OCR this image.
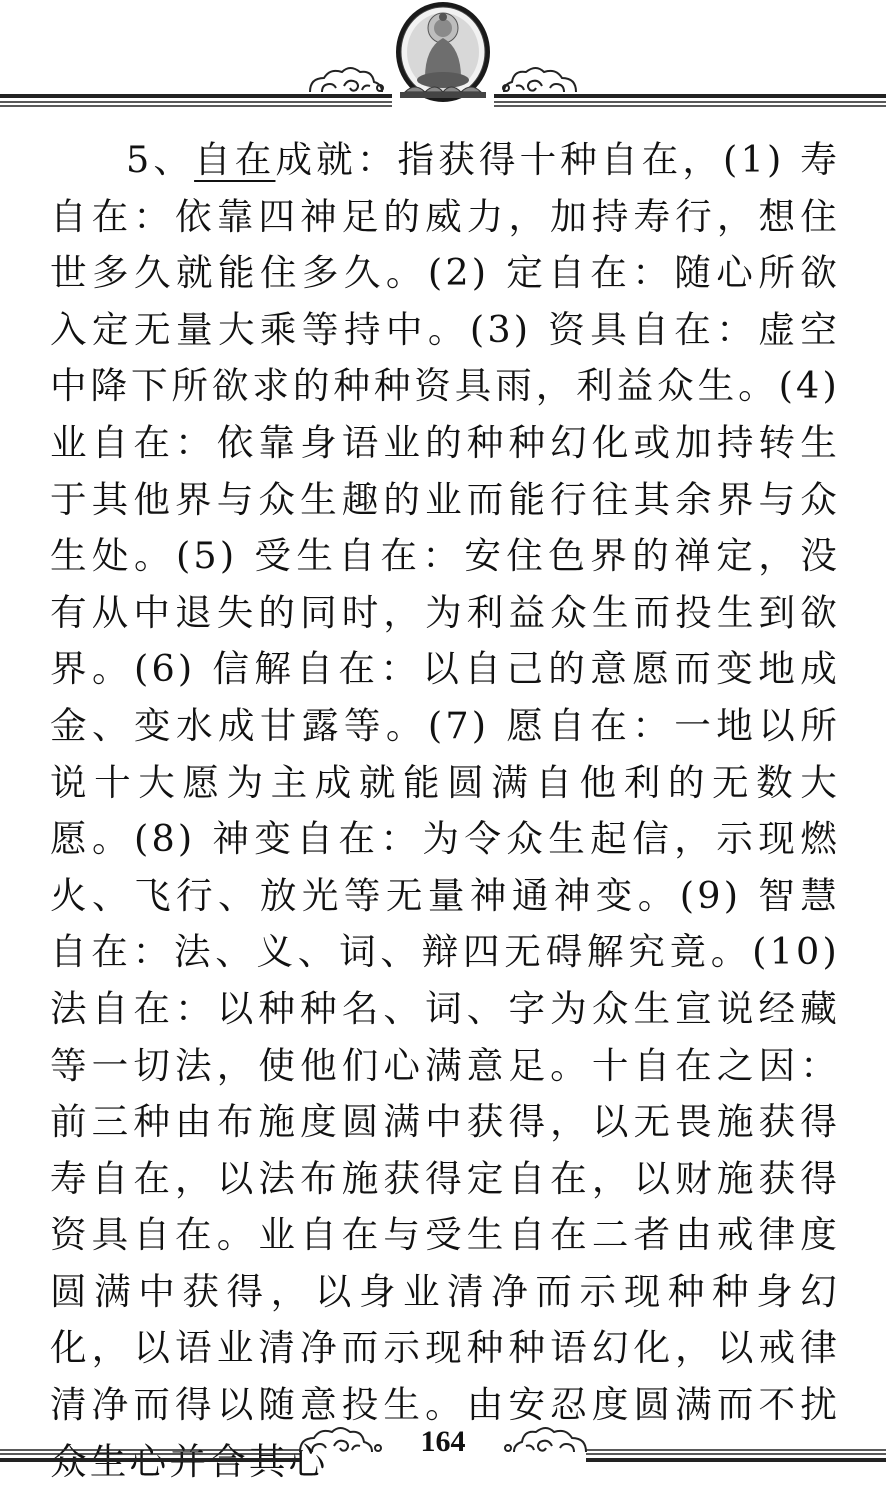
5、自在成就：指获得十种自在，(1) 寿自在：依靠四神足的威力，加持寿行，想住世多久就能住多久。(2) 定自在：随心所欲入定无量大乘等持中。(3) 资具自在：虚空中降下所欲求的种种资具雨，利益众生。(4) 业自在：依靠身语业的种种幻化或加持转生于其他界与众生趣的业而能行往其余界与众生处。(5) 受生自在：安住色界的禅定，没有从中退失的同时，为利益众生而投生到欲界。(6) 信解自在：以自己的意愿而变地成金、变水成甘露等。(7) 愿自在：一地以所说十大愿为主成就能圆满自他利的无数大愿。(8) 神变自在：为令众生起信，示现燃火、飞行、放光等无量神通神变。(9) 智慧自在：法、义、词、辩四无碍解究竟。(10) 法自在：以种种名、词、字为众生宣说经藏等一切法，使他们心满意足。十自在之因：前三种由布施度圆满中获得，以无畏施获得寿自在，以法布施获得定自在，以财施获得资具自在。业自在与受生自在二者由戒律度圆满中获得，以身业清净而示现种种身幻化，以语业清净而示现种种语幻化，以戒律清净而得以随意投生。由安忍度圆满而不扰众生心并合其心	164
